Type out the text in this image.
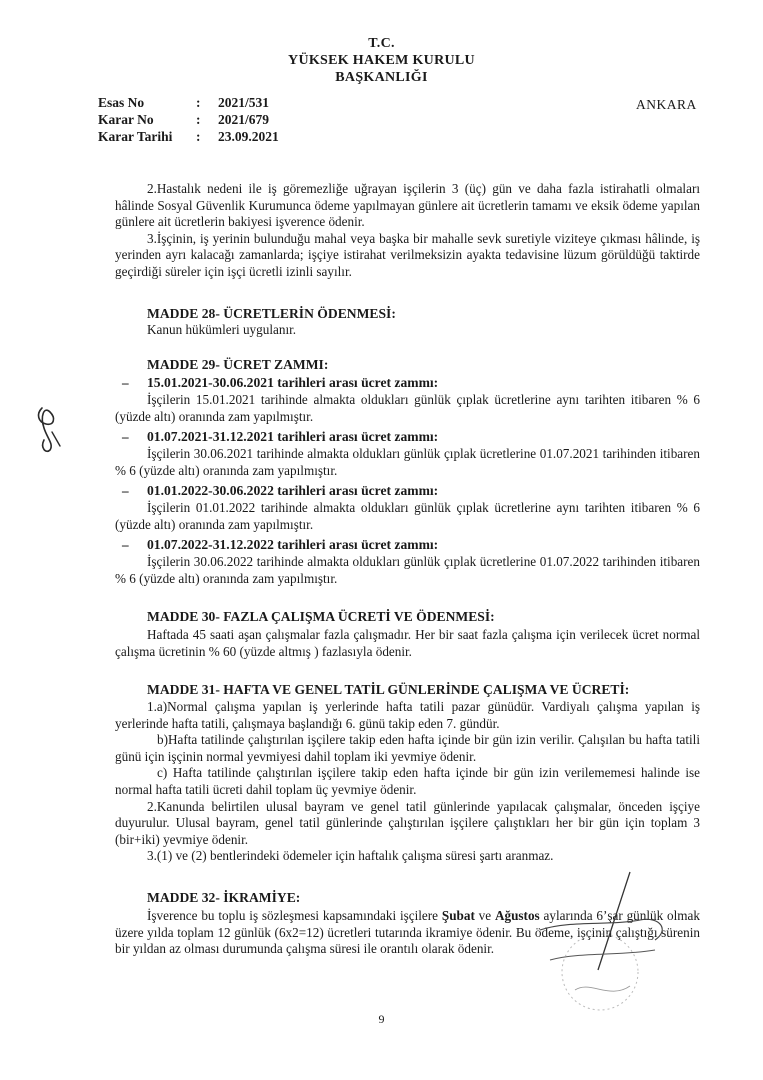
T.C.
YÜKSEK HAKEM KURULU
BAŞKANLIĞI
Esas No	: 2021/531
Karar No	: 2021/679
Karar Tarihi : 23.09.2021
ANKARA

2.Hastalık nedeni ile iş göremezliğe uğrayan işçilerin 3 (üç) gün ve daha fazla istirahatli olmaları hâlinde Sosyal Güvenlik Kurumunca ödeme yapılmayan günlere ait ücretlerin tamamı ve eksik ödeme yapılan günlere ait ücretlerin bakiyesi işverence ödenir.

3.İşçinin, iş yerinin bulunduğu mahal veya başka bir mahalle sevk suretiyle viziteye çıkması hâlinde, iş yerinden ayrı kalacağı zamanlarda; işçiye istirahat verilmeksizin ayakta tedavisine lüzum görüldüğü taktirde geçirdiği süreler için işçi ücretli izinli sayılır.

MADDE 28- ÜCRETLERİN ÖDENMESİ:

Kanun hükümleri uygulanır.

MADDE 29- ÜCRET ZAMMI:
– 15.01.2021-30.06.2021 tarihleri arası ücret zammı:

İşçilerin 15.01.2021 tarihinde almakta oldukları günlük çıplak ücretlerine aynı tarihten itibaren % 6 (yüzde altı) oranında zam yapılmıştır.

– 01.07.2021-31.12.2021 tarihleri arası ücret zammı:

İşçilerin 30.06.2021 tarihinde almakta oldukları günlük çıplak ücretlerine 01.07.2021 tarihinden itibaren % 6 (yüzde altı) oranında zam yapılmıştır.

– 01.01.2022-30.06.2022 tarihleri arası ücret zammı:

İşçilerin 01.01.2022 tarihinde almakta oldukları günlük çıplak ücretlerine aynı tarihten itibaren % 6 (yüzde altı) oranında zam yapılmıştır.

– 01.07.2022-31.12.2022 tarihleri arası ücret zammı:

İşçilerin 30.06.2022 tarihinde almakta oldukları günlük çıplak ücretlerine 01.07.2022 tarihinden itibaren % 6 (yüzde altı) oranında zam yapılmıştır.

MADDE 30- FAZLA ÇALIŞMA ÜCRETİ VE ÖDENMESİ:

Haftada 45 saati aşan çalışmalar fazla çalışmadır. Her bir saat fazla çalışma için verilecek ücret normal çalışma ücretinin % 60 (yüzde altmış ) fazlasıyla ödenir.

MADDE 31- HAFTA VE GENEL TATİL GÜNLERİNDE ÇALIŞMA VE ÜCRETİ:

1.a)Normal çalışma yapılan iş yerlerinde hafta tatili pazar günüdür. Vardiyalı çalışma yapılan iş yerlerinde hafta tatili, çalışmaya başlandığı 6. günü takip eden 7. gündür.

b)Hafta tatilinde çalıştırılan işçilere takip eden hafta içinde bir gün izin verilir. Çalışılan bu hafta tatili günü için işçinin normal yevmiyesi dahil toplam iki yevmiye ödenir.

c) Hafta tatilinde çalıştırılan işçilere takip eden hafta içinde bir gün izin verilememesi halinde ise normal hafta tatili ücreti dahil toplam üç yevmiye ödenir.

2.Kanunda belirtilen ulusal bayram ve genel tatil günlerinde yapılacak çalışmalar, önceden işçiye duyurulur. Ulusal bayram, genel tatil günlerinde çalıştırılan işçilere çalıştıkları her bir gün için toplam 3 (bir+iki) yevmiye ödenir.

3.(1) ve (2) bentlerindeki ödemeler için haftalık çalışma süresi şartı aranmaz.

MADDE 32- İKRAMİYE:

İşverence bu toplu iş sözleşmesi kapsamındaki işçilere Şubat ve Ağustos aylarında 6’şar günlük olmak üzere yılda toplam 12 günlük (6x2=12) ücretleri tutarında ikramiye ödenir. Bu ödeme, işçinin çalıştığı sürenin bir yıldan az olması durumunda çalışma süresi ile orantılı olarak ödenir.

9
